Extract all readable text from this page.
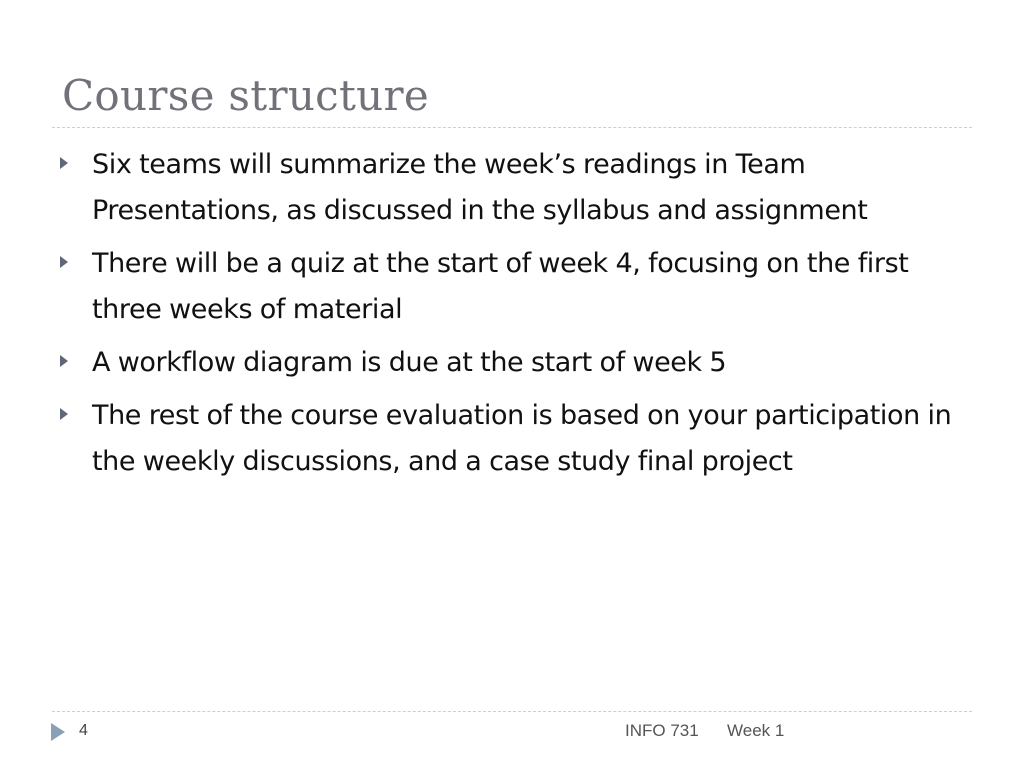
Course structure
Six teams will summarize the week’s readings in Team Presentations, as discussed in the syllabus and assignment
There will be a quiz at the start of week 4, focusing on the first three weeks of material
A workflow diagram is due at the start of week 5
The rest of the course evaluation is based on your participation in the weekly discussions, and a case study final project
4	INFO 731 Week 1
